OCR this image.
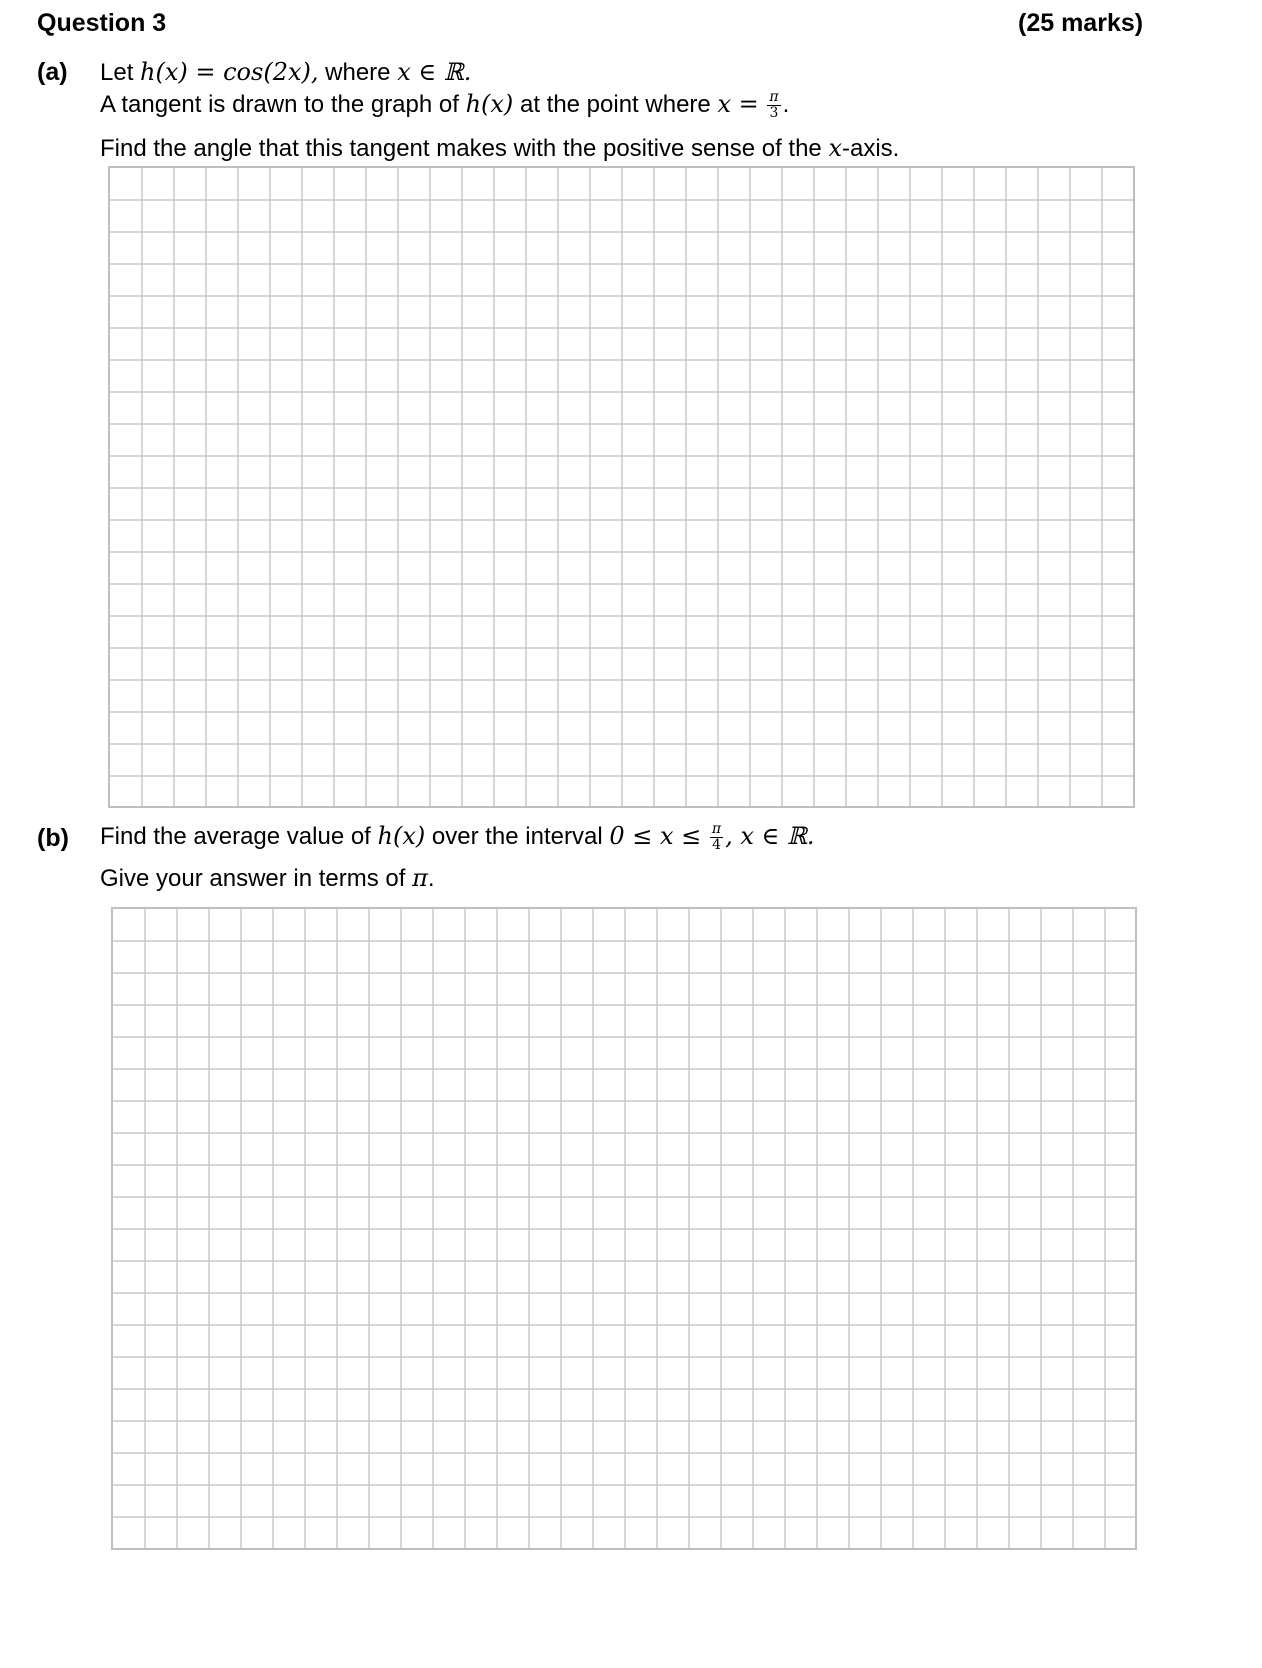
Question 3	(25 marks)
(a) Let h(x) = cos(2x), where x ∈ ℝ.
A tangent is drawn to the graph of h(x) at the point where $x = \frac{\pi}{3}$ .
Find the angle that this tangent makes with the positive sense of the x-axis.
(b) Find the average value of h(x) over the interval $0 \le x \le \frac{\pi}{4}$ , x ∈ ℝ.
Give your answer in terms of π.
